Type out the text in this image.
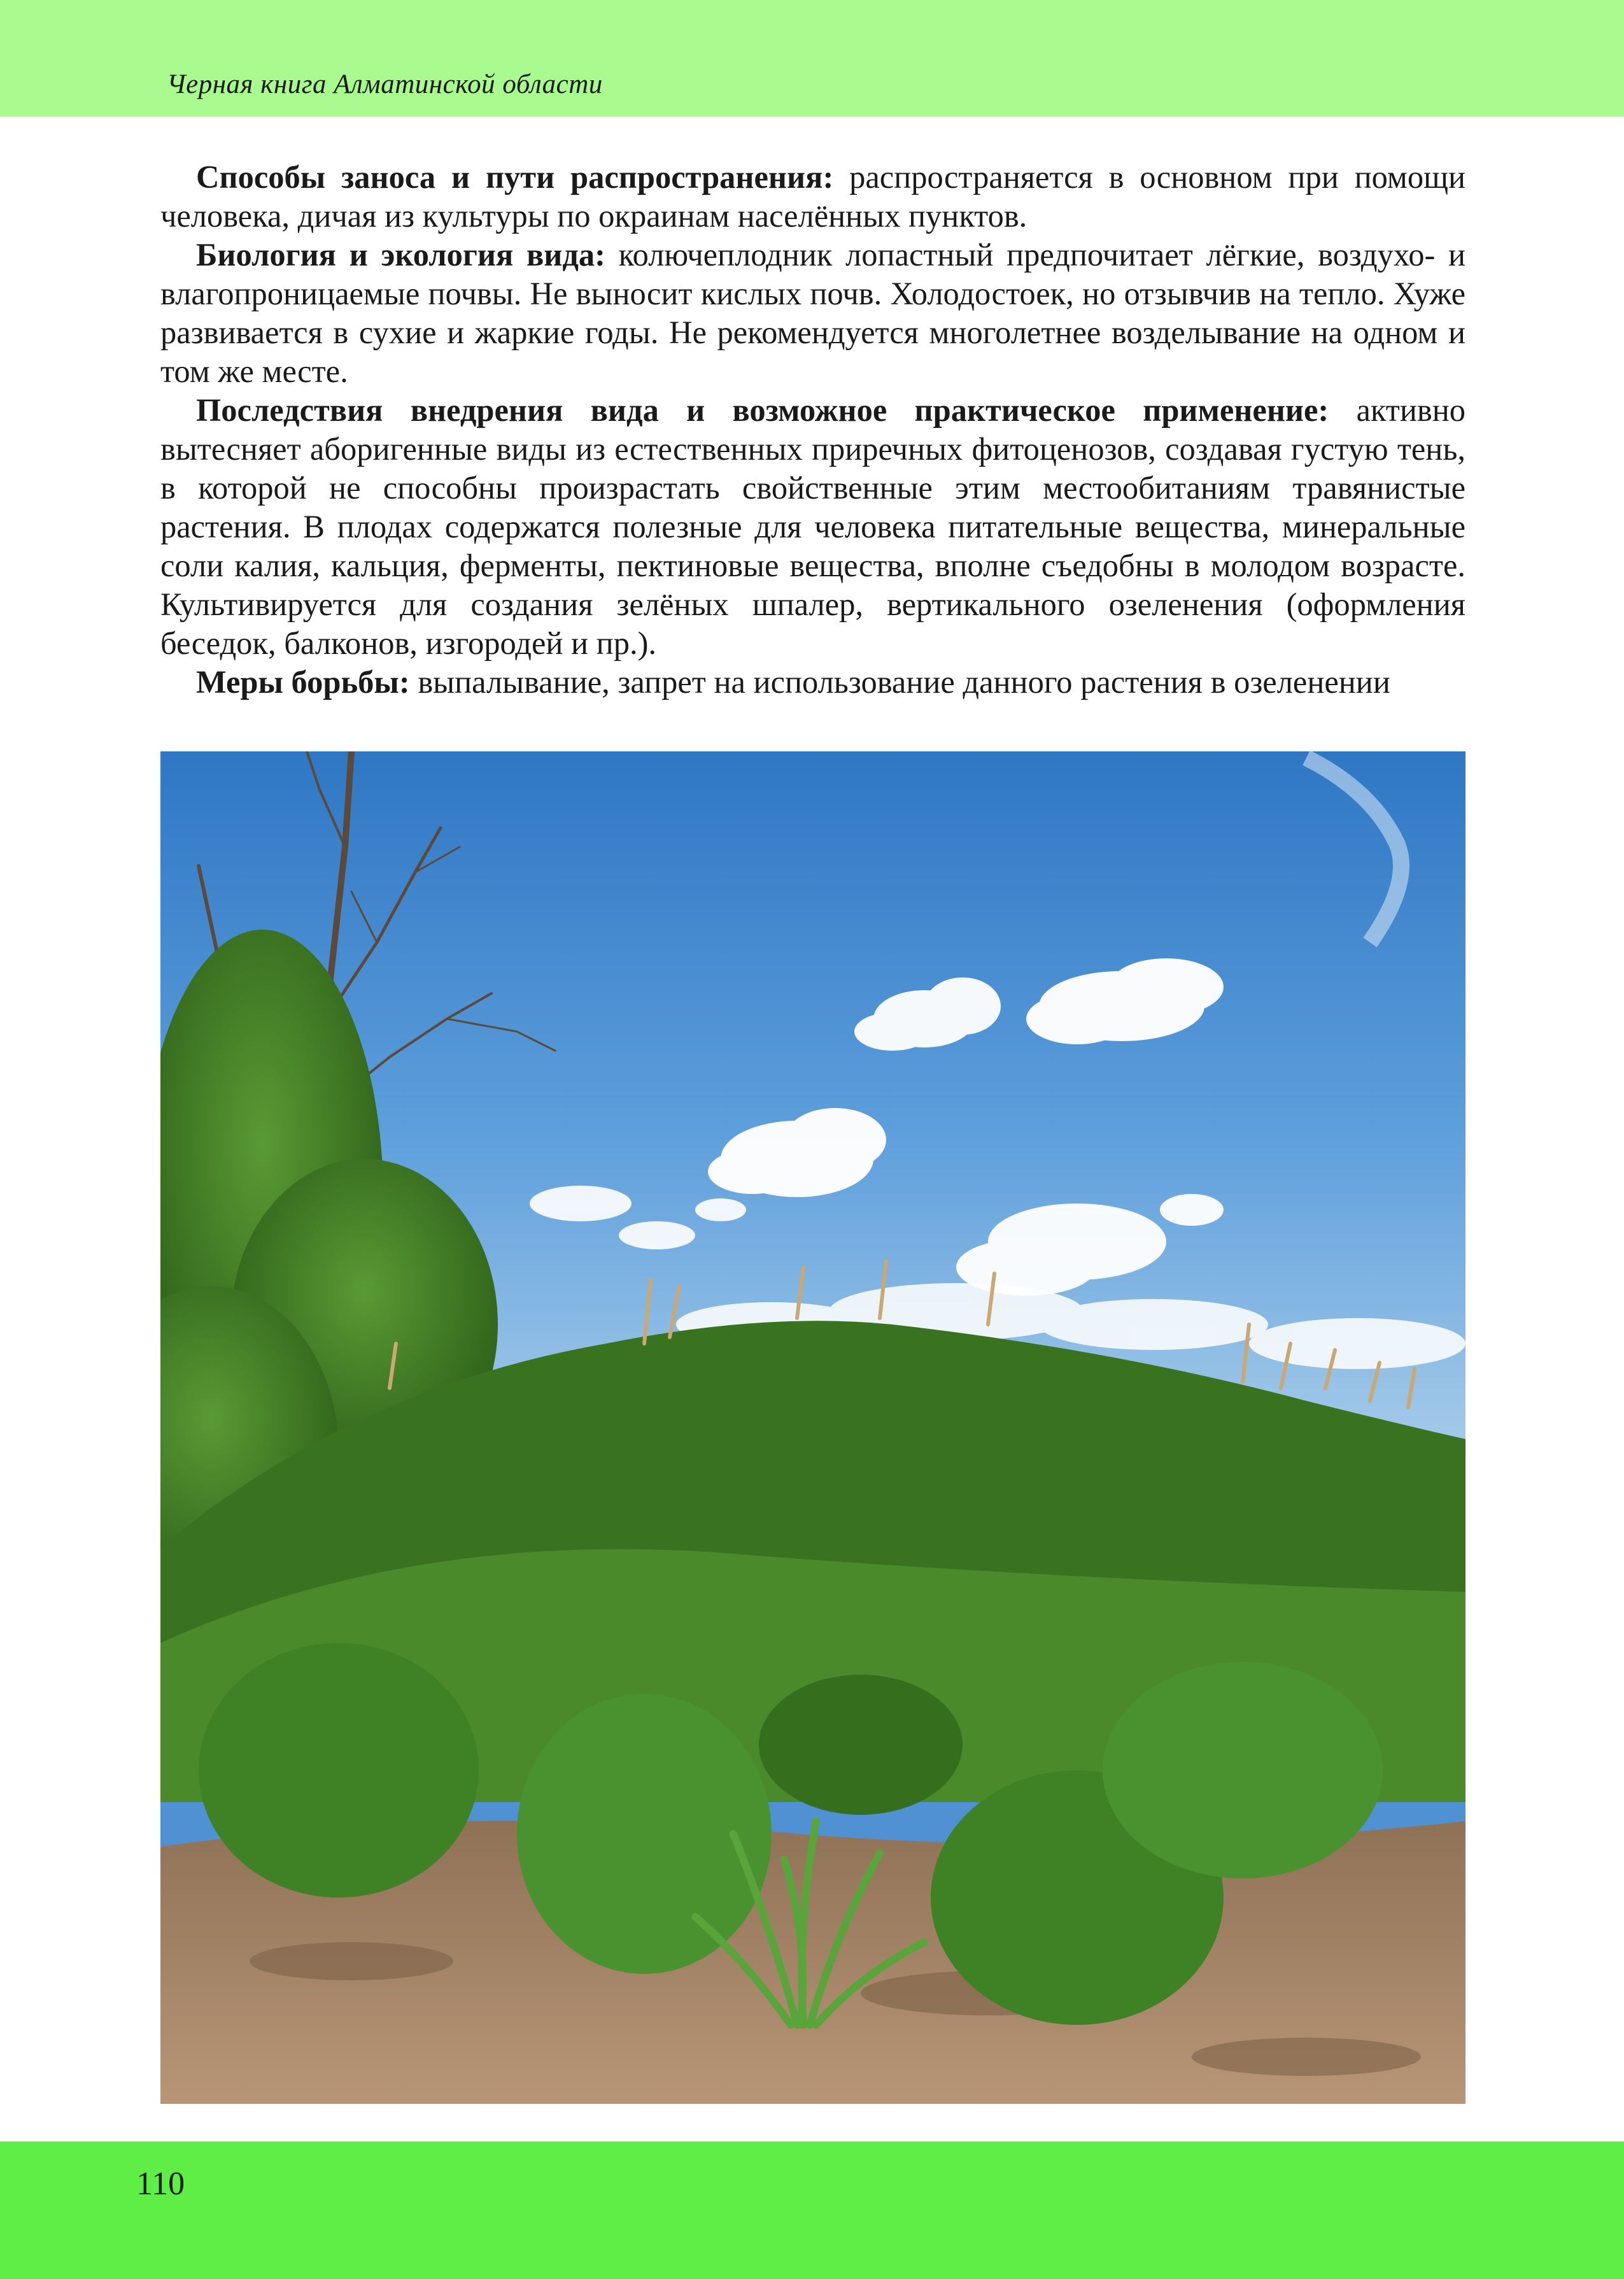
Черная книга Алматинской области

Способы заноса и пути распространения: распространяется в основном при помощи человека, дичая из культуры по окраинам населённых пунктов.

Биология и экология вида: колючеплодник лопастный предпочитает лёгкие, воздухо- и влагопроницаемые почвы. Не выносит кислых почв. Холодостоек, но отзывчив на тепло. Хуже развивается в сухие и жаркие годы. Не рекомендуется многолетнее возделывание на одном и том же месте.

Последствия внедрения вида и возможное практическое применение: активно вытесняет аборигенные виды из естественных приречных фитоценозов, создавая густую тень, в которой не способны произрастать свойственные этим местообитаниям травянистые растения. В плодах содержатся полезные для человека питательные вещества, минеральные соли калия, кальция, ферменты, пектиновые вещества, вполне съедобны в молодом возрасте. Культивируется для создания зелёных шпалер, вертикального озеленения (оформления беседок, балконов, изгородей и пр.).

Меры борьбы: выпалывание, запрет на использование данного растения в озеленении

110
